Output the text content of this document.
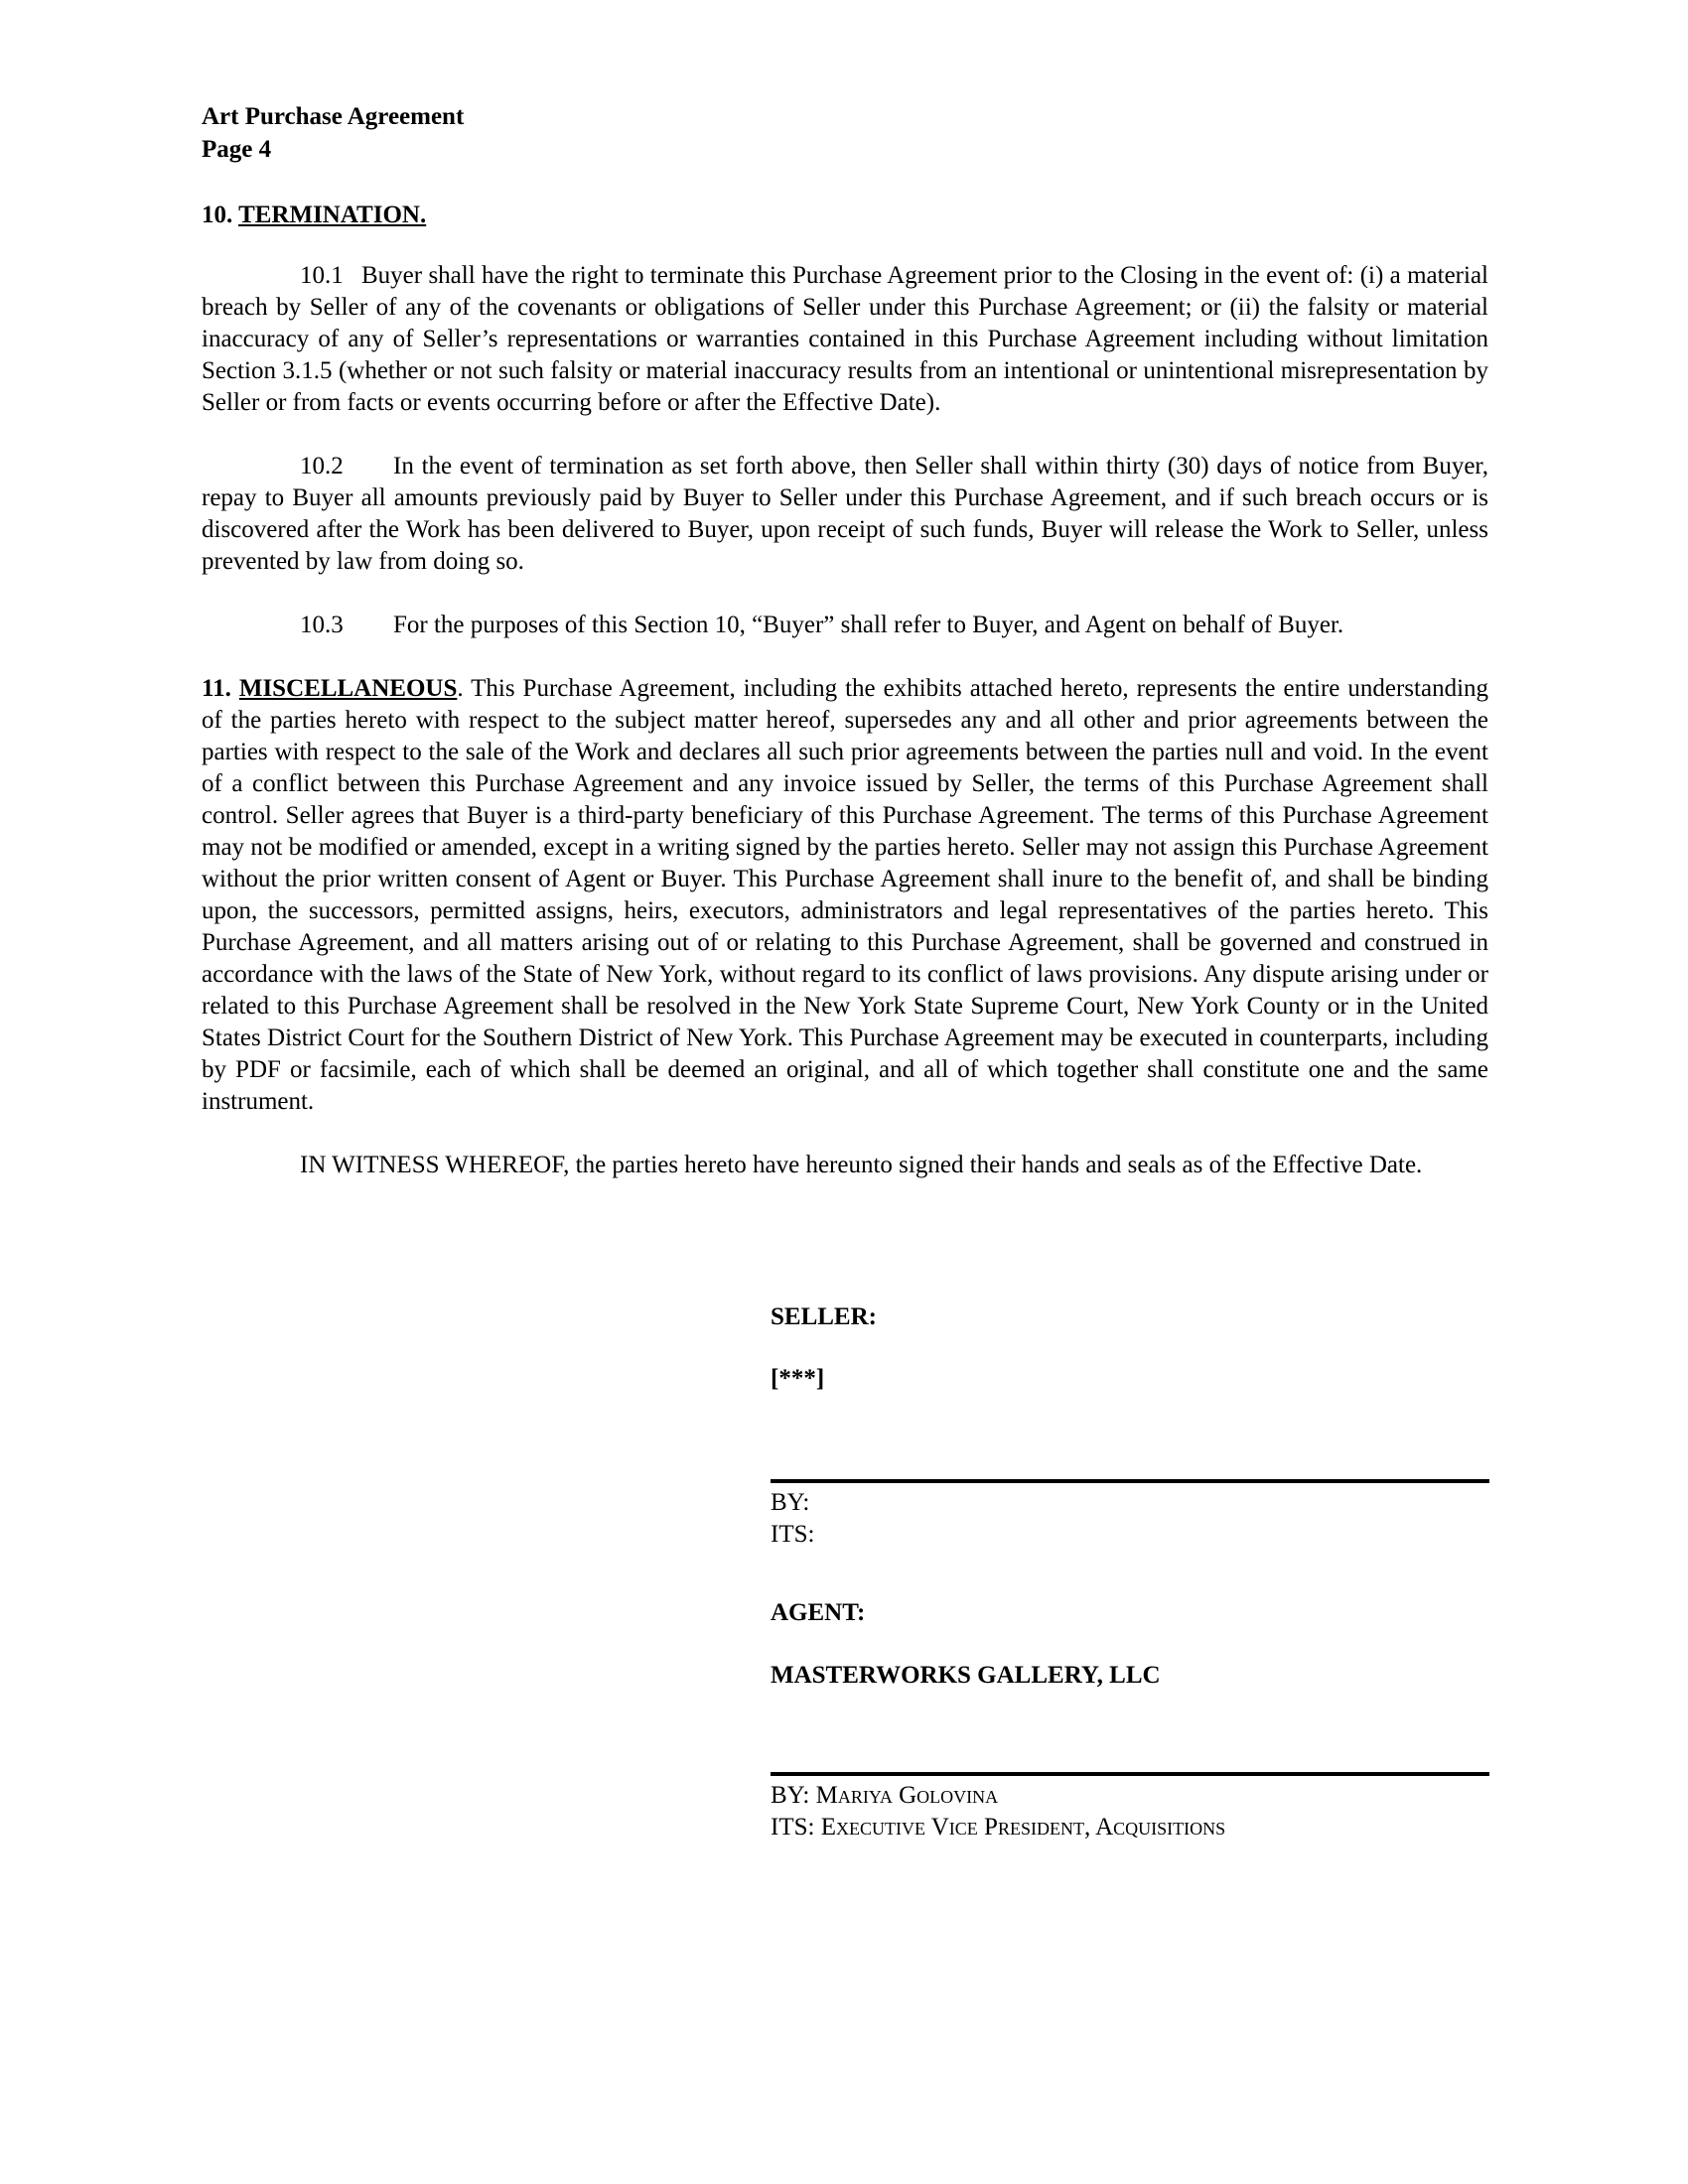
Art Purchase Agreement
Page 4
10. TERMINATION.

10.1 Buyer shall have the right to terminate this Purchase Agreement prior to the Closing in the event of: (i) a material breach by Seller of any of the covenants or obligations of Seller under this Purchase Agreement; or (ii) the falsity or material inaccuracy of any of Seller’s representations or warranties contained in this Purchase Agreement including without limitation Section 3.1.5 (whether or not such falsity or material inaccuracy results from an intentional or unintentional misrepresentation by Seller or from facts or events occurring before or after the Effective Date).

10.2 In the event of termination as set forth above, then Seller shall within thirty (30) days of notice from Buyer, repay to Buyer all amounts previously paid by Buyer to Seller under this Purchase Agreement, and if such breach occurs or is discovered after the Work has been delivered to Buyer, upon receipt of such funds, Buyer will release the Work to Seller, unless prevented by law from doing so.

10.3 For the purposes of this Section 10, “Buyer” shall refer to Buyer, and Agent on behalf of Buyer.

11. MISCELLANEOUS. This Purchase Agreement, including the exhibits attached hereto, represents the entire understanding of the parties hereto with respect to the subject matter hereof, supersedes any and all other and prior agreements between the parties with respect to the sale of the Work and declares all such prior agreements between the parties null and void. In the event of a conflict between this Purchase Agreement and any invoice issued by Seller, the terms of this Purchase Agreement shall control. Seller agrees that Buyer is a third-party beneficiary of this Purchase Agreement. The terms of this Purchase Agreement may not be modified or amended, except in a writing signed by the parties hereto. Seller may not assign this Purchase Agreement without the prior written consent of Agent or Buyer. This Purchase Agreement shall inure to the benefit of, and shall be binding upon, the successors, permitted assigns, heirs, executors, administrators and legal representatives of the parties hereto. This Purchase Agreement, and all matters arising out of or relating to this Purchase Agreement, shall be governed and construed in accordance with the laws of the State of New York, without regard to its conflict of laws provisions. Any dispute arising under or related to this Purchase Agreement shall be resolved in the New York State Supreme Court, New York County or in the United States District Court for the Southern District of New York. This Purchase Agreement may be executed in counterparts, including by PDF or facsimile, each of which shall be deemed an original, and all of which together shall constitute one and the same instrument.

IN WITNESS WHEREOF, the parties hereto have hereunto signed their hands and seals as of the Effective Date.

SELLER:
[***]
BY:
ITS:
AGENT:
MASTERWORKS GALLERY, LLC
BY: Mariya Golovina
ITS: Executive Vice President, Acquisitions
